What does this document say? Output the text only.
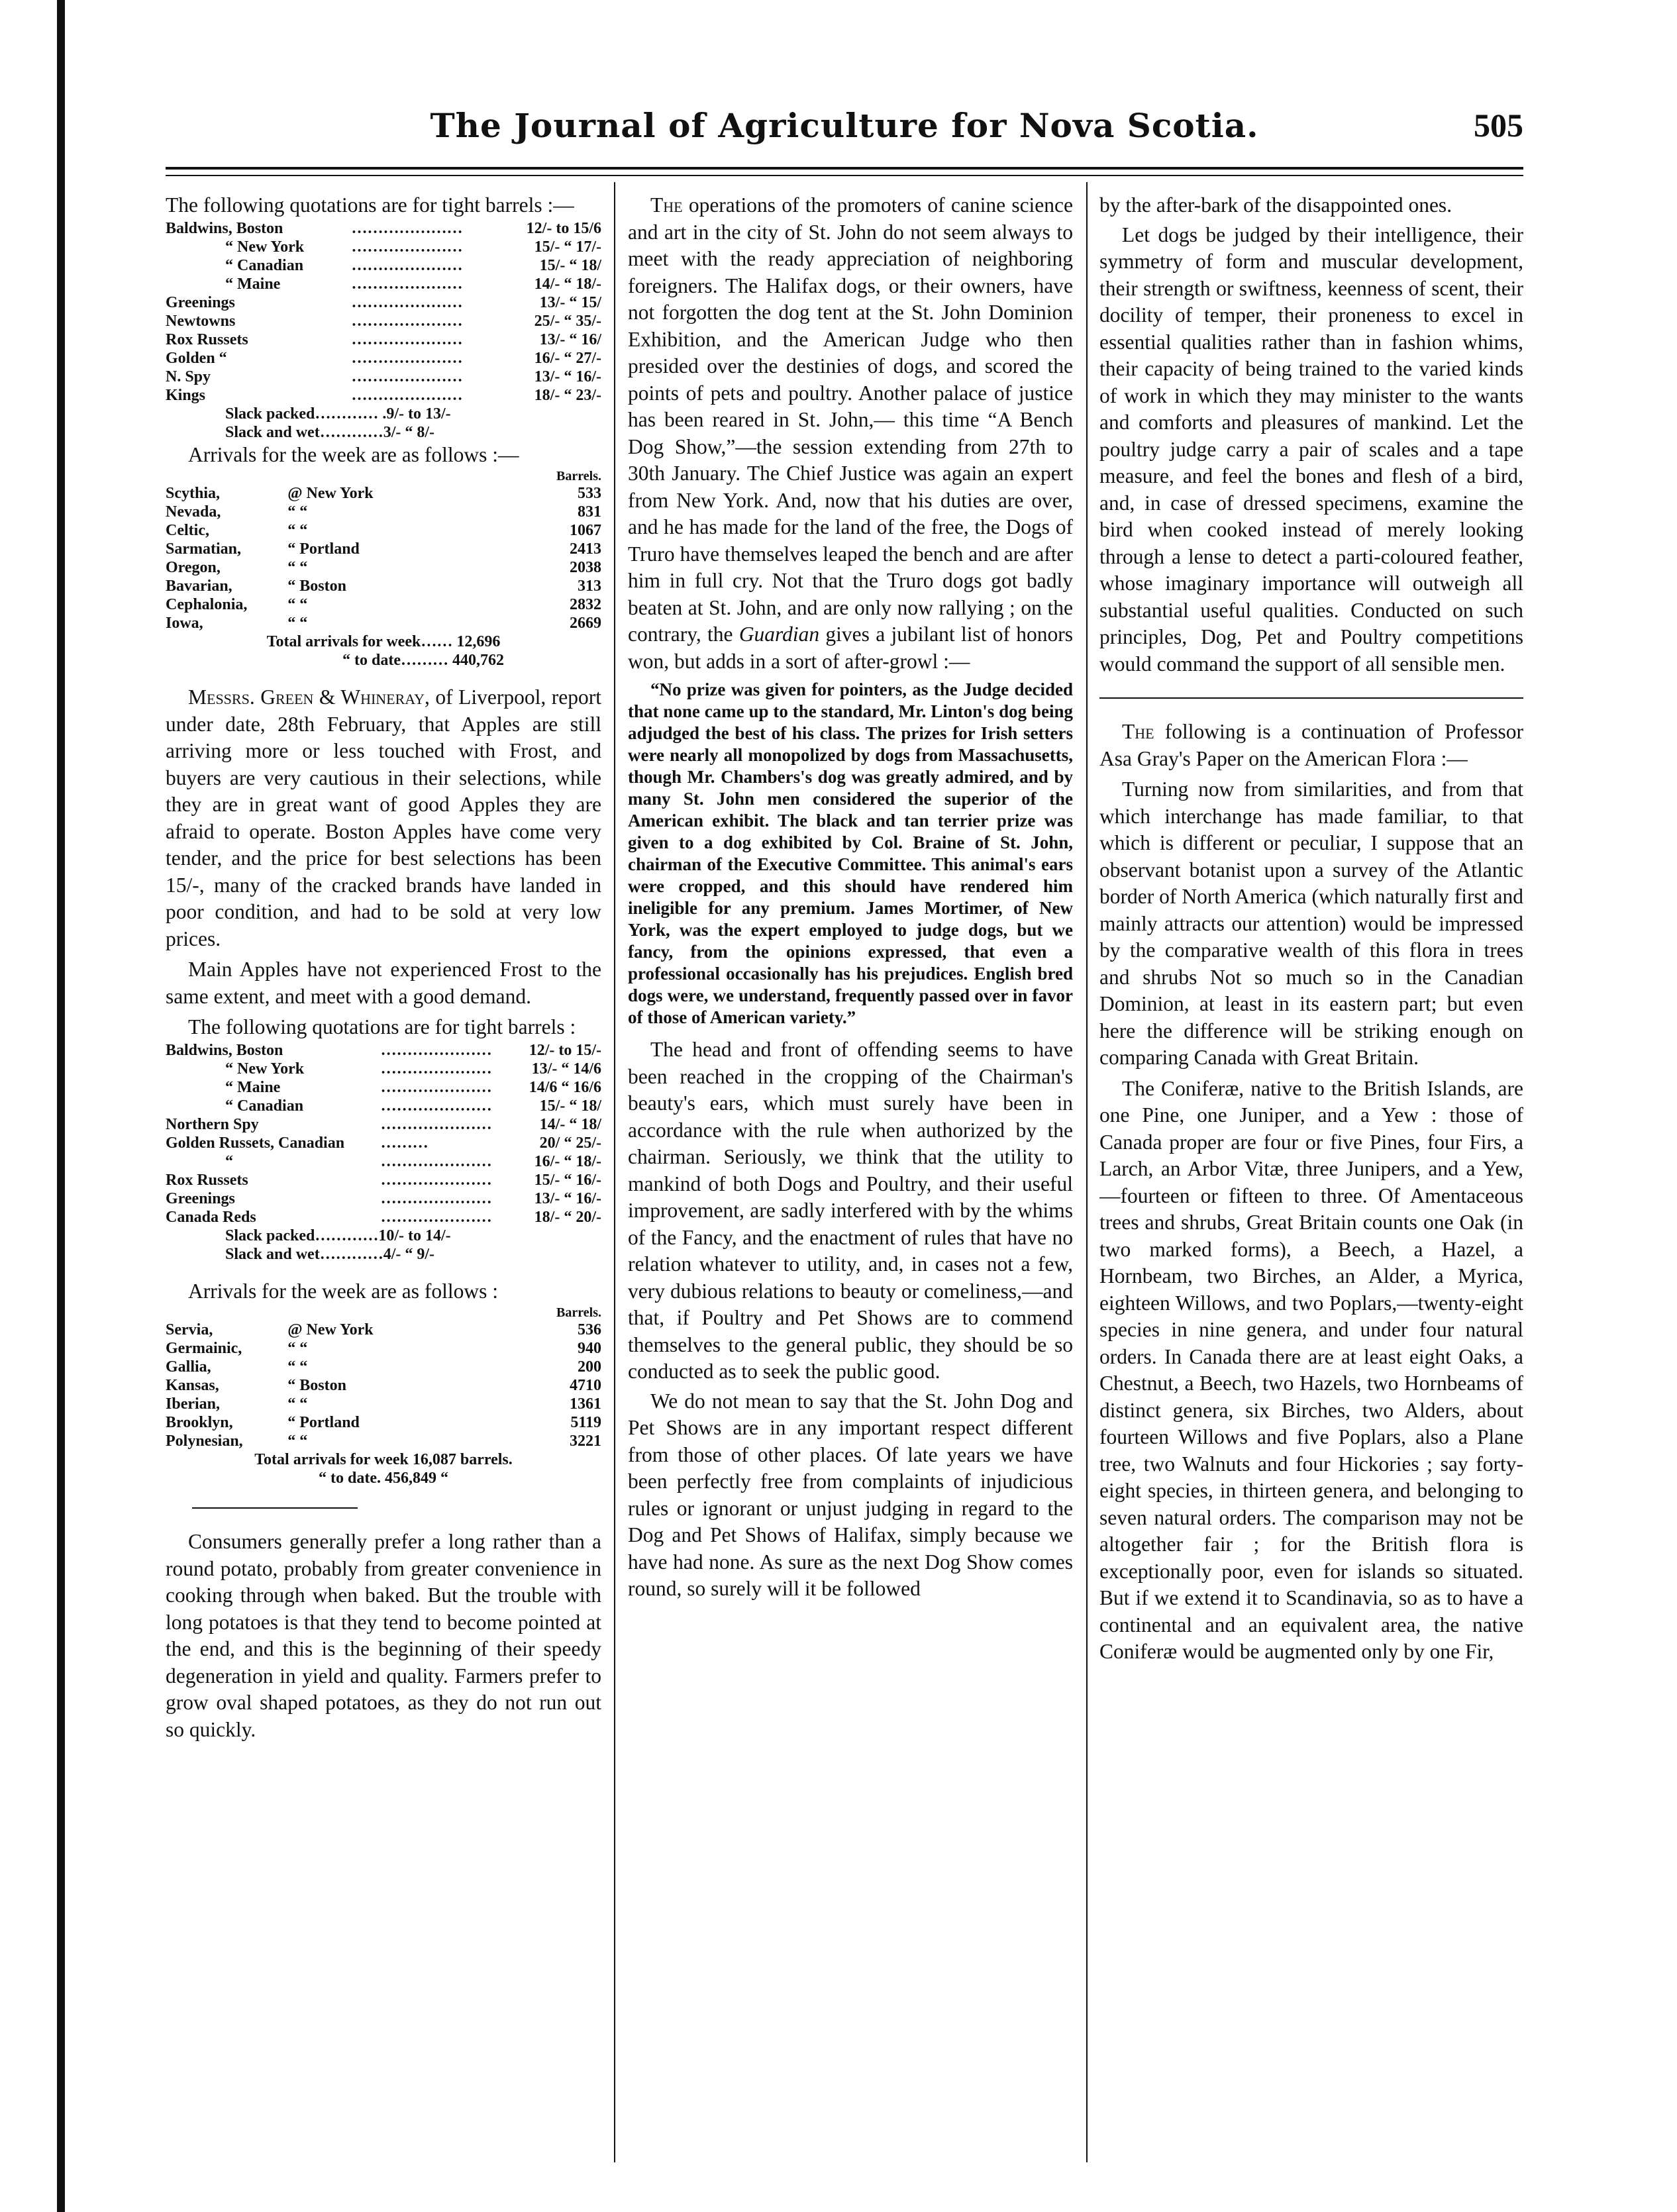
The Journal of Agriculture for Nova Scotia.	505

The following quotations are for tight barrels :—

Baldwins, Boston	…………………	12/- to 15/6
“ New York	…………………	15/- “ 17/-
“ Canadian	…………………	15/- “ 18/
“ Maine	…………………	14/- “ 18/-
Greenings	…………………	13/- “ 15/
Newtowns	…………………	25/- “ 35/-
Rox Russets	…………………	13/- “ 16/
Golden “	…………………	16/- “ 27/-
N. Spy	…………………	13/- “ 16/-
Kings	…………………	18/- “ 23/-
Slack packed………… .9/- to 13/-
Slack and wet…………3/- “ 8/-

Arrivals for the week are as follows :—

Barrels.
Scythia,	@ New York	533
Nevada,	“ “	831
Celtic,	“ “	1067
Sarmatian,	“ Portland	2413
Oregon,	“ “	2038
Bavarian,	“ Boston	313
Cephalonia,	“ “	2832
Iowa,	“ “	2669
Total arrivals for week…… 12,696
“ to date……… 440,762

Messrs. Green & Whineray, of Liverpool, report under date, 28th February, that Apples are still arriving more or less touched with Frost, and buyers are very cautious in their selections, while they are in great want of good Apples they are afraid to operate. Boston Apples have come very tender, and the price for best selections has been 15/-, many of the cracked brands have landed in poor condition, and had to be sold at very low prices.

Main Apples have not experienced Frost to the same extent, and meet with a good demand.

The following quotations are for tight barrels :

Baldwins, Boston	…………………	12/- to 15/-
“ New York	…………………	13/- “ 14/6
“ Maine	…………………	14/6 “ 16/6
“ Canadian	…………………	15/- “ 18/
Northern Spy	…………………	14/- “ 18/
Golden Russets, Canadian	………	20/ “ 25/-
“	…………………	16/- “ 18/-
Rox Russets	…………………	15/- “ 16/-
Greenings	…………………	13/- “ 16/-
Canada Reds	…………………	18/- “ 20/-
Slack packed…………10/- to 14/-
Slack and wet…………4/- “ 9/-

Arrivals for the week are as follows :

Barrels.
Servia,	@ New York	536
Germainic,	“ “	940
Gallia,	“ “	200
Kansas,	“ Boston	4710
Iberian,	“ “	1361
Brooklyn,	“ Portland	5119
Polynesian,	“ “	3221
Total arrivals for week 16,087 barrels.
“ to date. 456,849 “

Consumers generally prefer a long rather than a round potato, probably from greater convenience in cooking through when baked. But the trouble with long potatoes is that they tend to become pointed at the end, and this is the beginning of their speedy degeneration in yield and quality. Farmers prefer to grow oval shaped potatoes, as they do not run out so quickly.

The operations of the promoters of canine science and art in the city of St. John do not seem always to meet with the ready appreciation of neighboring foreigners. The Halifax dogs, or their owners, have not forgotten the dog tent at the St. John Dominion Exhibition, and the American Judge who then presided over the destinies of dogs, and scored the points of pets and poultry. Another palace of justice has been reared in St. John,— this time “A Bench Dog Show,”—the session extending from 27th to 30th January. The Chief Justice was again an expert from New York. And, now that his duties are over, and he has made for the land of the free, the Dogs of Truro have themselves leaped the bench and are after him in full cry. Not that the Truro dogs got badly beaten at St. John, and are only now rallying ; on the contrary, the Guardian gives a jubilant list of honors won, but adds in a sort of after-growl :—

“No prize was given for pointers, as the Judge decided that none came up to the standard, Mr. Linton's dog being adjudged the best of his class. The prizes for Irish setters were nearly all monopolized by dogs from Massachusetts, though Mr. Chambers's dog was greatly admired, and by many St. John men considered the superior of the American exhibit. The black and tan terrier prize was given to a dog exhibited by Col. Braine of St. John, chairman of the Executive Committee. This animal's ears were cropped, and this should have rendered him ineligible for any premium. James Mortimer, of New York, was the expert employed to judge dogs, but we fancy, from the opinions expressed, that even a professional occasionally has his prejudices. English bred dogs were, we understand, frequently passed over in favor of those of American variety.”

The head and front of offending seems to have been reached in the cropping of the Chairman's beauty's ears, which must surely have been in accordance with the rule when authorized by the chairman. Seriously, we think that the utility to mankind of both Dogs and Poultry, and their useful improvement, are sadly interfered with by the whims of the Fancy, and the enactment of rules that have no relation whatever to utility, and, in cases not a few, very dubious relations to beauty or comeliness,—and that, if Poultry and Pet Shows are to commend themselves to the general public, they should be so conducted as to seek the public good.

We do not mean to say that the St. John Dog and Pet Shows are in any important respect different from those of other places. Of late years we have been perfectly free from complaints of injudicious rules or ignorant or unjust judging in regard to the Dog and Pet Shows of Halifax, simply because we have had none. As sure as the next Dog Show comes round, so surely will it be followed

by the after-bark of the disappointed ones.

Let dogs be judged by their intelligence, their symmetry of form and muscular development, their strength or swiftness, keenness of scent, their docility of temper, their proneness to excel in essential qualities rather than in fashion whims, their capacity of being trained to the varied kinds of work in which they may minister to the wants and comforts and pleasures of mankind. Let the poultry judge carry a pair of scales and a tape measure, and feel the bones and flesh of a bird, and, in case of dressed specimens, examine the bird when cooked instead of merely looking through a lense to detect a parti-coloured feather, whose imaginary importance will outweigh all substantial useful qualities. Conducted on such principles, Dog, Pet and Poultry competitions would command the support of all sensible men.

The following is a continuation of Professor Asa Gray's Paper on the American Flora :—

Turning now from similarities, and from that which interchange has made familiar, to that which is different or peculiar, I suppose that an observant botanist upon a survey of the Atlantic border of North America (which naturally first and mainly attracts our attention) would be impressed by the comparative wealth of this flora in trees and shrubs Not so much so in the Canadian Dominion, at least in its eastern part; but even here the difference will be striking enough on comparing Canada with Great Britain.

The Coniferæ, native to the British Islands, are one Pine, one Juniper, and a Yew : those of Canada proper are four or five Pines, four Firs, a Larch, an Arbor Vitæ, three Junipers, and a Yew, —fourteen or fifteen to three. Of Amentaceous trees and shrubs, Great Britain counts one Oak (in two marked forms), a Beech, a Hazel, a Hornbeam, two Birches, an Alder, a Myrica, eighteen Willows, and two Poplars,—twenty-eight species in nine genera, and under four natural orders. In Canada there are at least eight Oaks, a Chestnut, a Beech, two Hazels, two Hornbeams of distinct genera, six Birches, two Alders, about fourteen Willows and five Poplars, also a Plane tree, two Walnuts and four Hickories ; say forty-eight species, in thirteen genera, and belonging to seven natural orders. The comparison may not be altogether fair ; for the British flora is exceptionally poor, even for islands so situated. But if we extend it to Scandinavia, so as to have a continental and an equivalent area, the native Coniferæ would be augmented only by one Fir,
